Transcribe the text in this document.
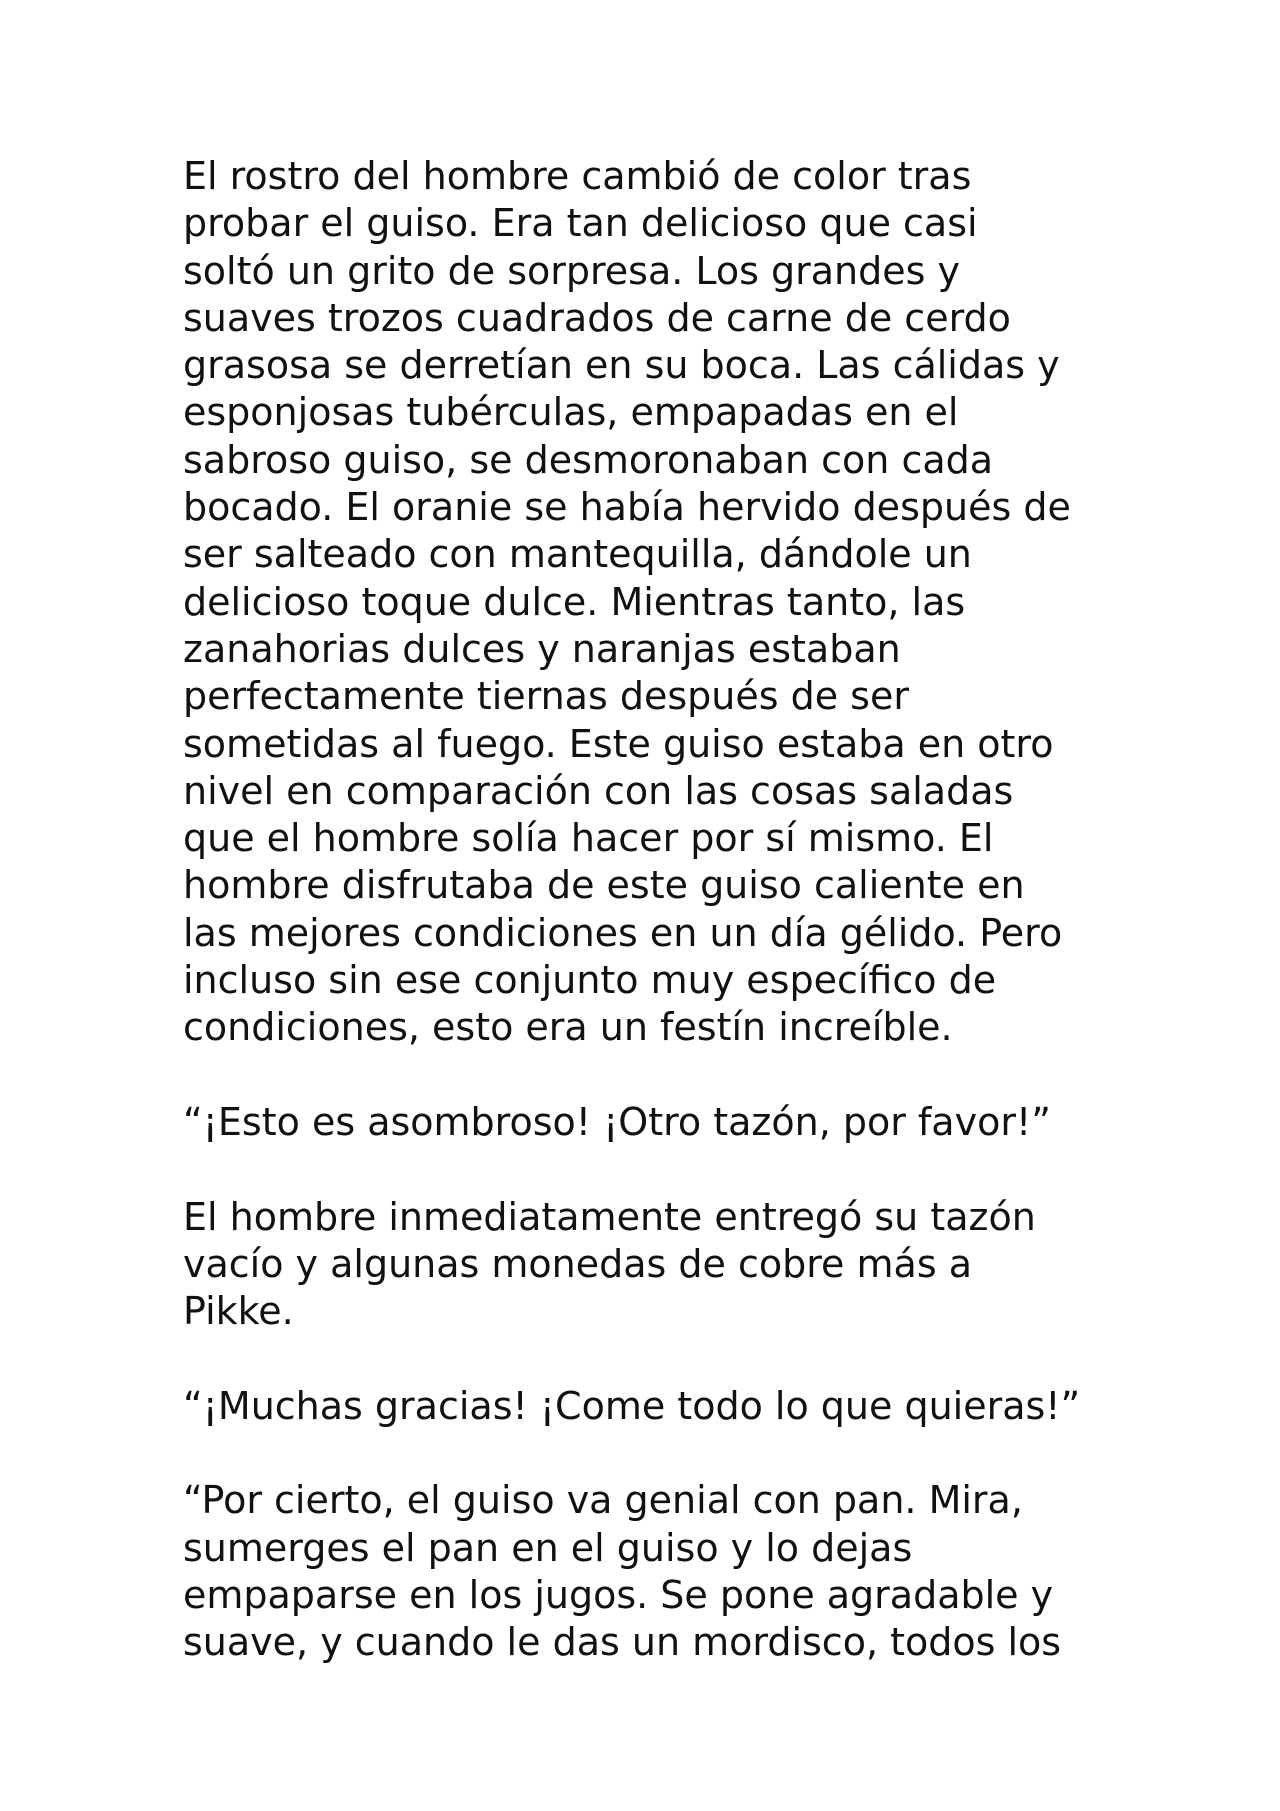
El rostro del hombre cambió de color tras
probar el guiso. Era tan delicioso que casi
soltó un grito de sorpresa. Los grandes y
suaves trozos cuadrados de carne de cerdo
grasosa se derretían en su boca. Las cálidas y
esponjosas tubérculas, empapadas en el
sabroso guiso, se desmoronaban con cada
bocado. El oranie se había hervido después de
ser salteado con mantequilla, dándole un
delicioso toque dulce. Mientras tanto, las
zanahorias dulces y naranjas estaban
perfectamente tiernas después de ser
sometidas al fuego. Este guiso estaba en otro
nivel en comparación con las cosas saladas
que el hombre solía hacer por sí mismo. El
hombre disfrutaba de este guiso caliente en
las mejores condiciones en un día gélido. Pero
incluso sin ese conjunto muy específico de
condiciones, esto era un festín increíble.

“¡Esto es asombroso! ¡Otro tazón, por favor!”

El hombre inmediatamente entregó su tazón
vacío y algunas monedas de cobre más a
Pikke.

“¡Muchas gracias! ¡Come todo lo que quieras!”

“Por cierto, el guiso va genial con pan. Mira,
sumerges el pan en el guiso y lo dejas
empaparse en los jugos. Se pone agradable y
suave, y cuando le das un mordisco, todos los
